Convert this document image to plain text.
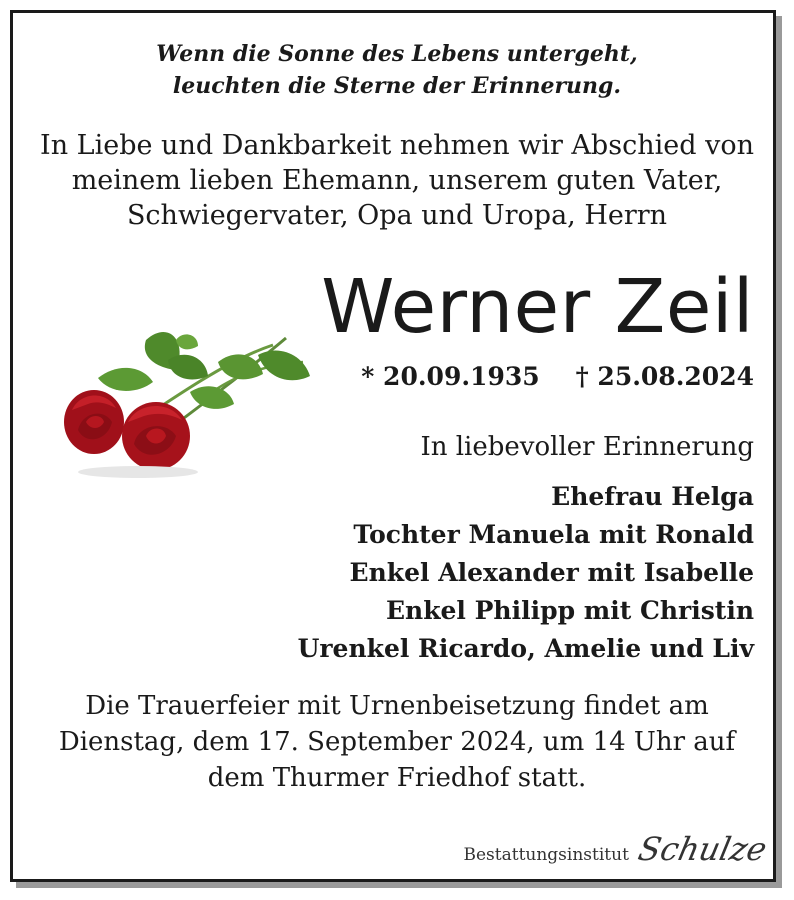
Wenn die Sonne des Lebens untergeht,
leuchten die Sterne der Erinnerung.
In Liebe und Dankbarkeit nehmen wir Abschied von
meinem lieben Ehemann, unserem guten Vater,
Schwiegervater, Opa und Uropa, Herrn
Werner Zeil
* 20.09.1935 † 25.08.2024
In liebevoller Erinnerung
Ehefrau Helga
Tochter Manuela mit Ronald
Enkel Alexander mit Isabelle
Enkel Philipp mit Christin
Urenkel Ricardo, Amelie und Liv
Die Trauerfeier mit Urnenbeisetzung findet am
Dienstag, dem 17. September 2024, um 14 Uhr auf
dem Thurmer Friedhof statt.
Bestattungsinstitut Schulze
